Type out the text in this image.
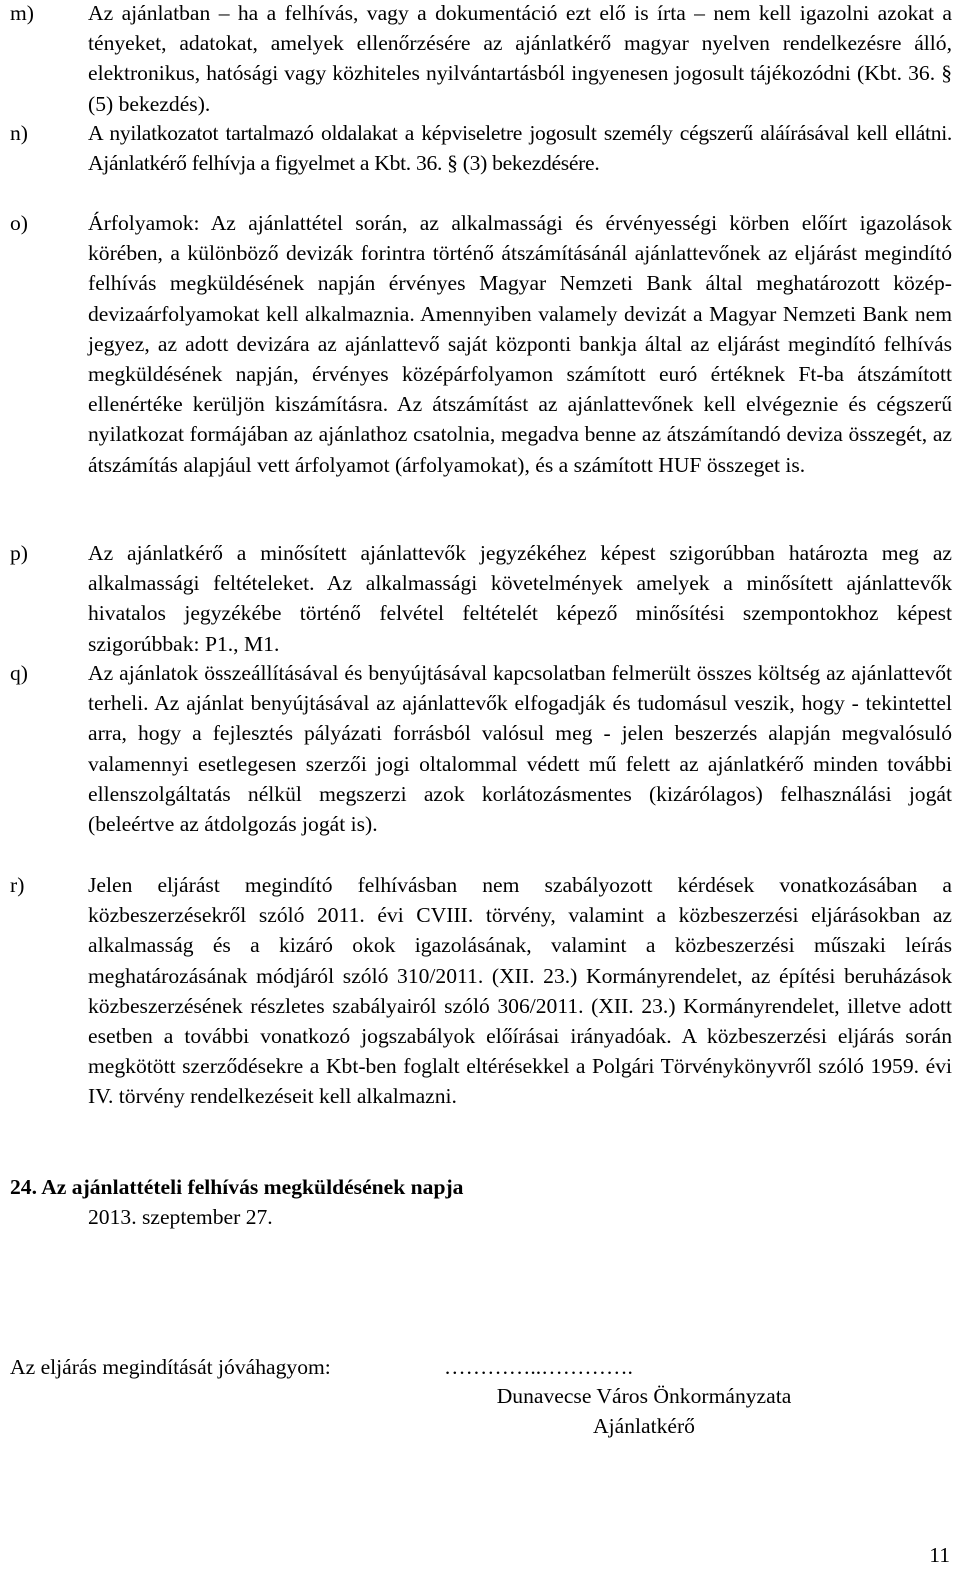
m)	Az ajánlatban – ha a felhívás, vagy a dokumentáció ezt elő is írta – nem kell igazolni azokat a tényeket, adatokat, amelyek ellenőrzésére az ajánlatkérő magyar nyelven rendelkezésre álló, elektronikus, hatósági vagy közhiteles nyilvántartásból ingyenesen jogosult tájékozódni (Kbt. 36. § (5) bekezdés).
n)	A nyilatkozatot tartalmazó oldalakat a képviseletre jogosult személy cégszerű aláírásával kell ellátni. Ajánlatkérő felhívja a figyelmet a Kbt. 36. § (3) bekezdésére.
o)	Árfolyamok: Az ajánlattétel során, az alkalmassági és érvényességi körben előírt igazolások körében, a különböző devizák forintra történő átszámításánál ajánlattevőnek az eljárást megindító felhívás megküldésének napján érvényes Magyar Nemzeti Bank által meghatározott közép-devizaárfolyamokat kell alkalmaznia. Amennyiben valamely devizát a Magyar Nemzeti Bank nem jegyez, az adott devizára az ajánlattevő saját központi bankja által az eljárást megindító felhívás megküldésének napján, érvényes középárfolyamon számított euró értéknek Ft-ba átszámított ellenértéke kerüljön kiszámításra. Az átszámítást az ajánlattevőnek kell elvégeznie és cégszerű nyilatkozat formájában az ajánlathoz csatolnia, megadva benne az átszámítandó deviza összegét, az átszámítás alapjául vett árfolyamot (árfolyamokat), és a számított HUF összeget is.
p)	Az ajánlatkérő a minősített ajánlattevők jegyzékéhez képest szigorúbban határozta meg az alkalmassági feltételeket. Az alkalmassági követelmények amelyek a minősített ajánlattevők hivatalos jegyzékébe történő felvétel feltételét képező minősítési szempontokhoz képest szigorúbbak: P1., M1.
q)	Az ajánlatok összeállításával és benyújtásával kapcsolatban felmerült összes költség az ajánlattevőt terheli. Az ajánlat benyújtásával az ajánlattevők elfogadják és tudomásul veszik, hogy - tekintettel arra, hogy a fejlesztés pályázati forrásból valósul meg - jelen beszerzés alapján megvalósuló valamennyi esetlegesen szerzői jogi oltalommal védett mű felett az ajánlatkérő minden további ellenszolgáltatás nélkül megszerzi azok korlátozásmentes (kizárólagos) felhasználási jogát (beleértve az átdolgozás jogát is).
r)	Jelen eljárást megindító felhívásban nem szabályozott kérdések vonatkozásában a közbeszerzésekről szóló 2011. évi CVIII. törvény, valamint a közbeszerzési eljárásokban az alkalmasság és a kizáró okok igazolásának, valamint a közbeszerzési műszaki leírás meghatározásának módjáról szóló 310/2011. (XII. 23.) Kormányrendelet, az építési beruházások közbeszerzésének részletes szabályairól szóló 306/2011. (XII. 23.) Kormányrendelet, illetve adott esetben a további vonatkozó jogszabályok előírásai irányadóak. A közbeszerzési eljárás során megkötött szerződésekre a Kbt-ben foglalt eltérésekkel a Polgári Törvénykönyvről szóló 1959. évi IV. törvény rendelkezéseit kell alkalmazni.
24. Az ajánlattételi felhívás megküldésének napja
2013. szeptember 27.
Az eljárás megindítását jóváhagyom:	…………..………….
Dunavecse Város Önkormányzata
Ajánlatkérő
11
